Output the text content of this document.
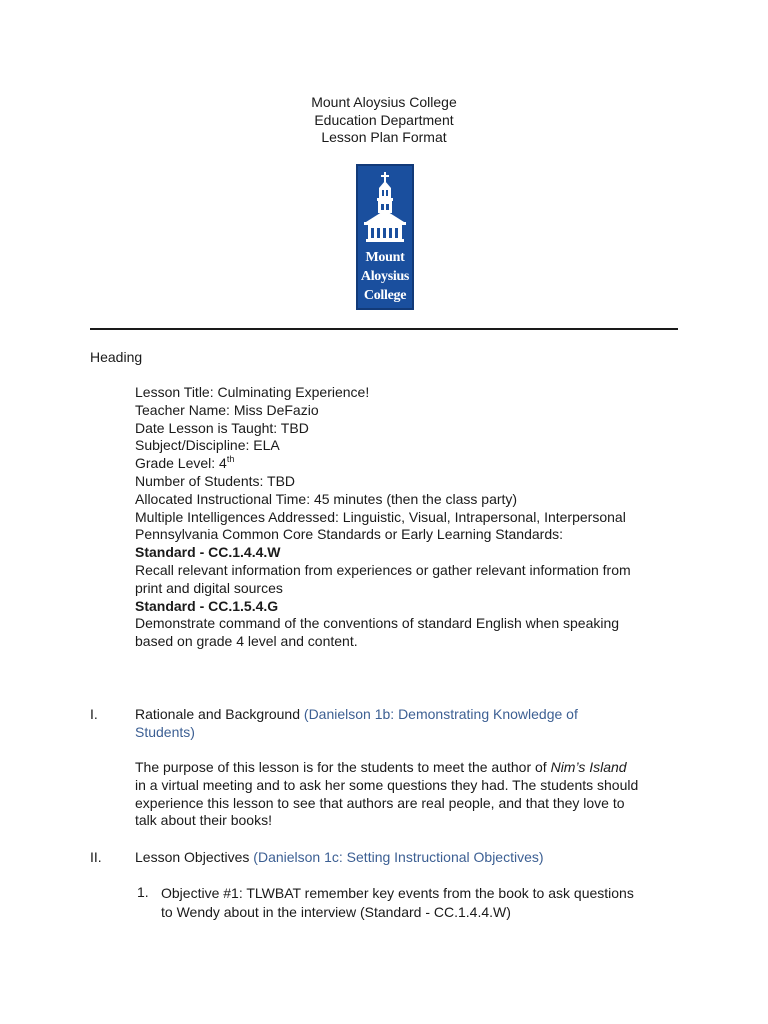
Mount Aloysius College
Education Department
Lesson Plan Format
Mount
Aloysius
College
Heading
Lesson Title: Culminating Experience!
Teacher Name: Miss DeFazio
Date Lesson is Taught: TBD
Subject/Discipline: ELA
Grade Level: 4th
Number of Students: TBD
Allocated Instructional Time: 45 minutes (then the class party)
Multiple Intelligences Addressed: Linguistic, Visual, Intrapersonal, Interpersonal
Pennsylvania Common Core Standards or Early Learning Standards:
Standard - CC.1.4.4.W
Recall relevant information from experiences or gather relevant information from
print and digital sources
Standard - CC.1.5.4.G
Demonstrate command of the conventions of standard English when speaking
based on grade 4 level and content.
I.	Rationale and Background (Danielson 1b: Demonstrating Knowledge of
Students)
The purpose of this lesson is for the students to meet the author of Nim’s Island
in a virtual meeting and to ask her some questions they had. The students should
experience this lesson to see that authors are real people, and that they love to
talk about their books!
II. Lesson Objectives (Danielson 1c: Setting Instructional Objectives)
1. Objective #1: TLWBAT remember key events from the book to ask questions
to Wendy about in the interview (Standard - CC.1.4.4.W)
